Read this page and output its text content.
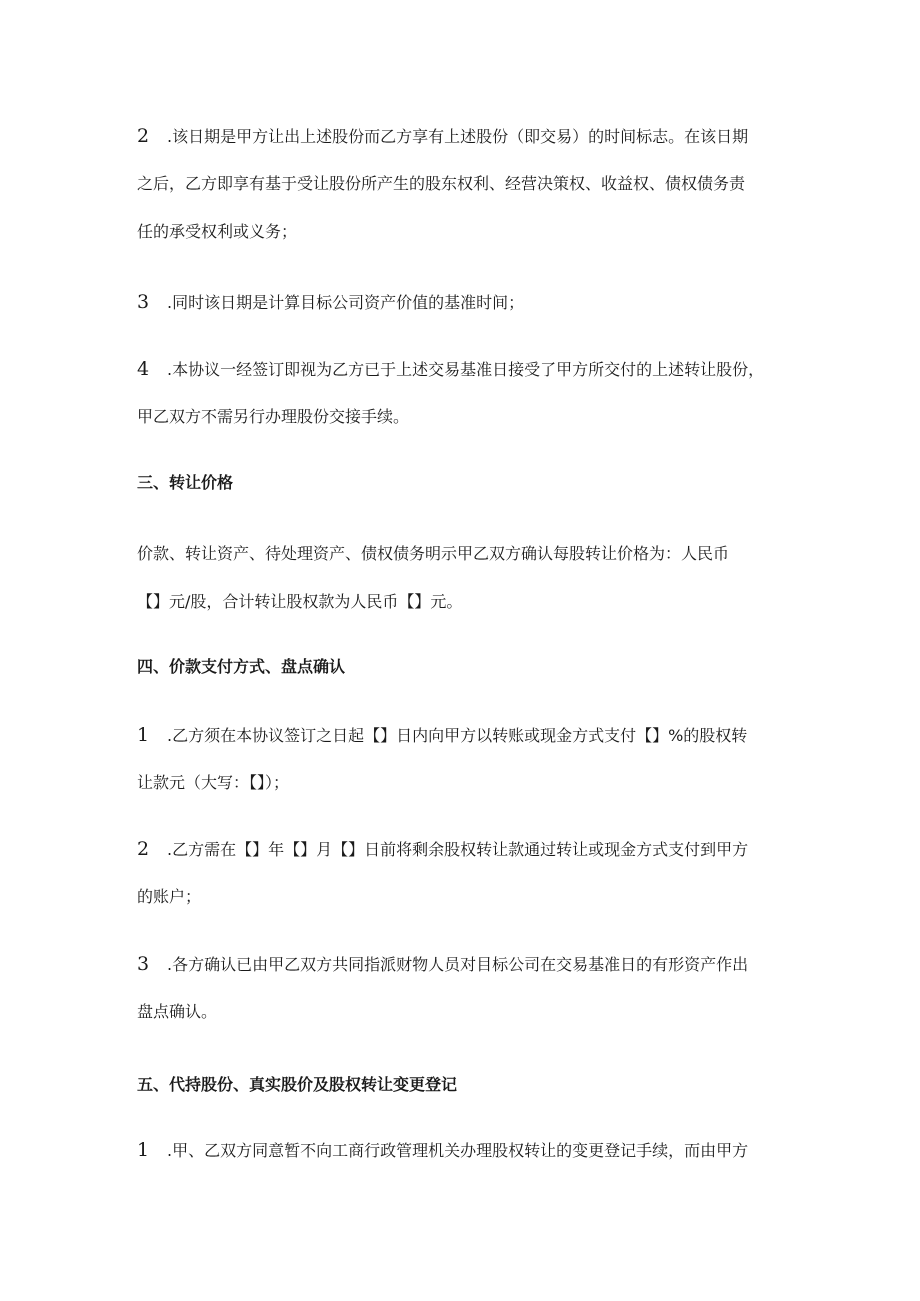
2 .该日期是甲方让出上述股份而乙方享有上述股份（即交易）的时间标志。在该日期
之后，乙方即享有基于受让股份所产生的股东权利、经营决策权、收益权、债权债务责
任的承受权利或义务；
3 .同时该日期是计算目标公司资产价值的基准时间；
4 .本协议一经签订即视为乙方已于上述交易基准日接受了甲方所交付的上述转让股份，
甲乙双方不需另行办理股份交接手续。
三、转让价格
价款、转让资产、待处理资产、债权债务明示甲乙双方确认每股转让价格为：人民币
【】元/股，合计转让股权款为人民币【】元。
四、价款支付方式、盘点确认
1 .乙方须在本协议签订之日起【】日内向甲方以转账或现金方式支付【】%的股权转
让款元（大写：【】）；
2 .乙方需在【】年【】月【】日前将剩余股权转让款通过转让或现金方式支付到甲方
的账户；
3 .各方确认已由甲乙双方共同指派财物人员对目标公司在交易基准日的有形资产作出
盘点确认。
五、代持股份、真实股价及股权转让变更登记
1 .甲、乙双方同意暂不向工商行政管理机关办理股权转让的变更登记手续，而由甲方
